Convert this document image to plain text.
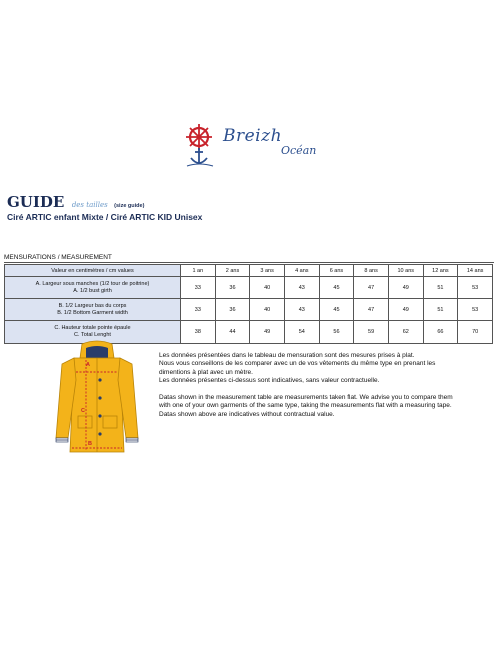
Breizh
Océan
GUIDE des tailles (size guide)
Ciré ARTIC enfant Mixte / Ciré ARTIC KID Unisex
MENSURATIONS / MEASUREMENT
Valeur en centimètres / cm values	1 an	2 ans	3 ans	4 ans	6 ans	8 ans	10 ans	12 ans	14 ans

A. Largeur sous manches (1/2 tour de poitrine)
A. 1/2 bust girth	33	36	40	43	45	47	49	51	53

B. 1/2 Largeur bas du corps
B. 1/2 Bottom Garment width	33	36	40	43	45	47	49	51	53

C. Hauteur totale pointe épaule
C. Total Lenght	38	44	49	54	56	59	62	66	70
A
C
B

Les données présentées dans le tableau de mensuration sont des mesures prises à plat.

Nous vous conseillons de les comparer avec un de vos vêtements du même type en prenant les dimentions à plat avec un mètre.

Les données présentes ci-dessus sont indicatives, sans valeur contractuelle.

Datas shown in the measurement table are measurements taken flat. We advise you to compare them with one of your own garments of the same type, taking the measurements flat with a measuring tape.

Datas shown above are indicatives without contractual value.
